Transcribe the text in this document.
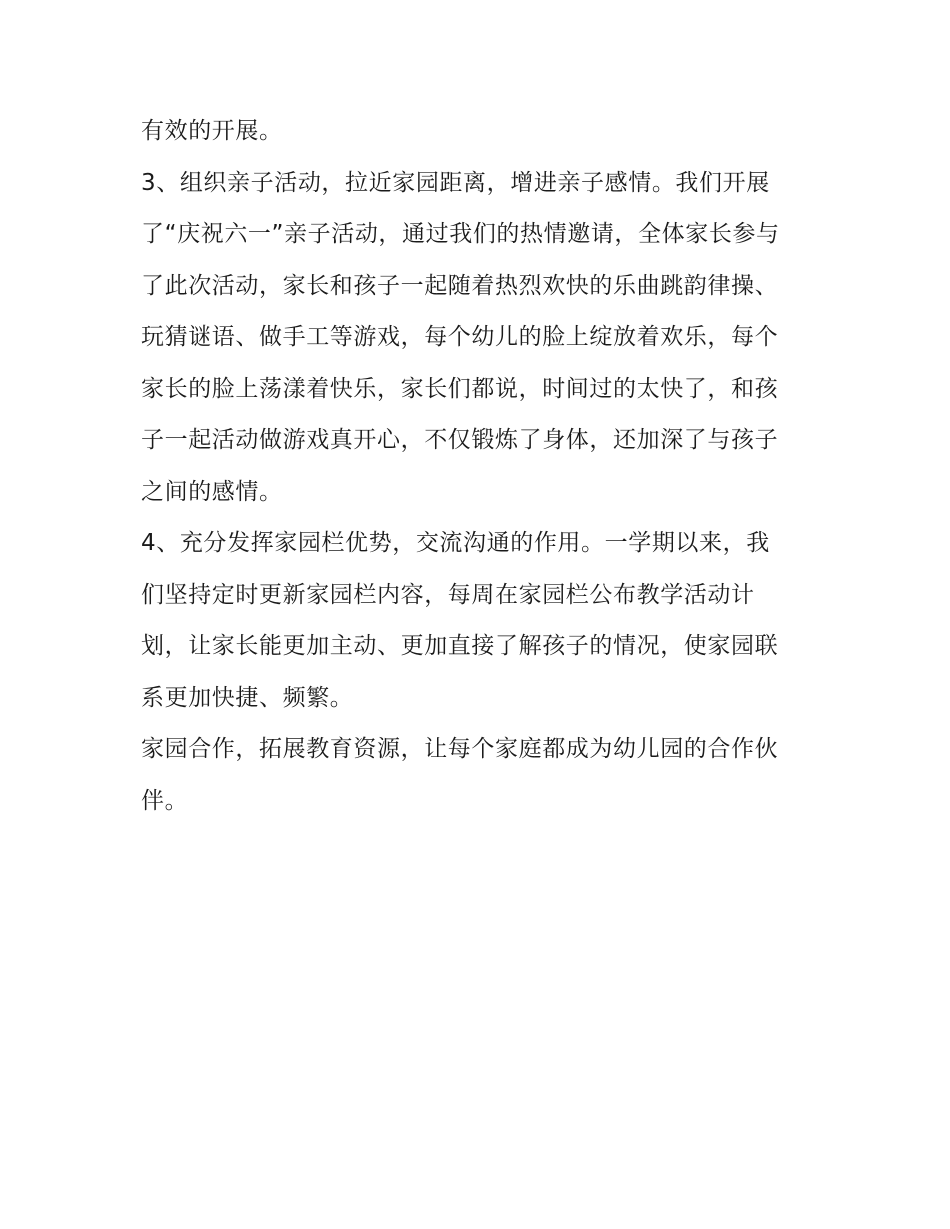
有效的开展。
3、组织亲子活动，拉近家园距离，增进亲子感情。我们开展
了“庆祝六一”亲子活动，通过我们的热情邀请，全体家长参与
了此次活动，家长和孩子一起随着热烈欢快的乐曲跳韵律操、
玩猜谜语、做手工等游戏，每个幼儿的脸上绽放着欢乐，每个
家长的脸上荡漾着快乐，家长们都说，时间过的太快了，和孩
子一起活动做游戏真开心，不仅锻炼了身体，还加深了与孩子
之间的感情。
4、充分发挥家园栏优势，交流沟通的作用。一学期以来，我
们坚持定时更新家园栏内容，每周在家园栏公布教学活动计
划，让家长能更加主动、更加直接了解孩子的情况，使家园联
系更加快捷、频繁。
家园合作，拓展教育资源，让每个家庭都成为幼儿园的合作伙
伴。
